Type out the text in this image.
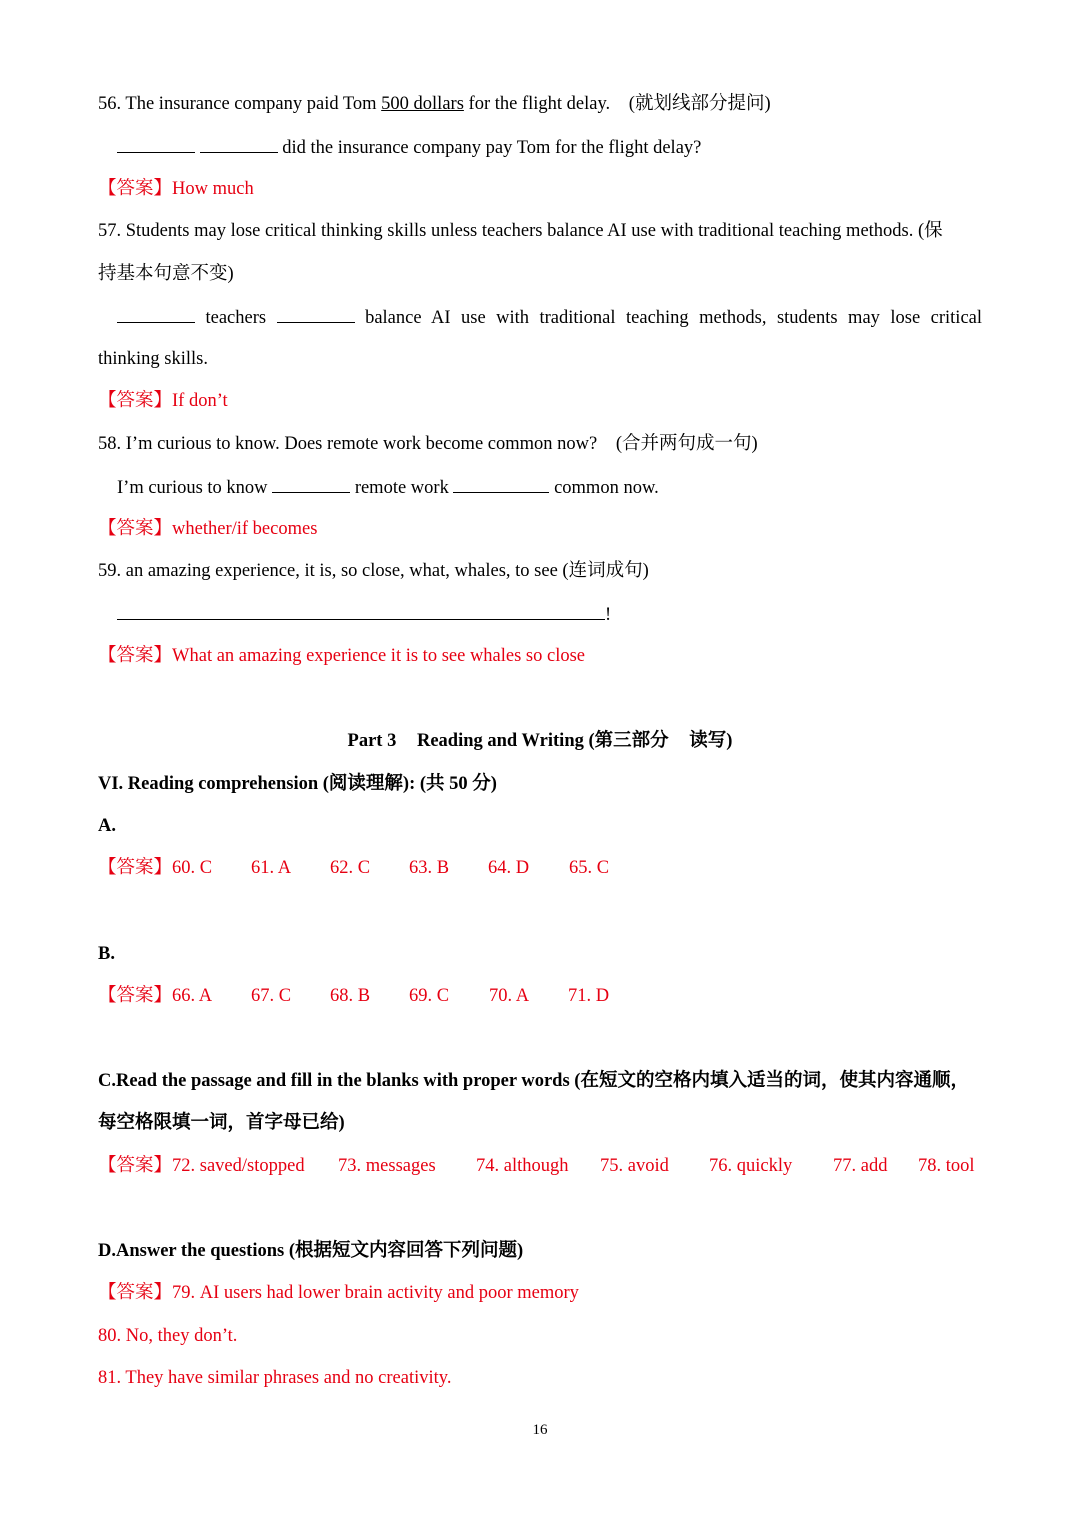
56. The insurance company paid Tom 500 dollars for the flight delay. (就划线部分提问)
did the insurance company pay Tom for the flight delay?
【答案】How much
57. Students may lose critical thinking skills unless teachers balance AI use with traditional teaching methods. (保
持基本句意不变)
teachers	balance AI use with traditional teaching methods, students may lose critical
thinking skills.
【答案】If don’t
58. I’m curious to know. Does remote work become common now? (合并两句成一句)
I’m curious to know	remote work	common now.
【答案】whether/if becomes
59. an amazing experience, it is, so close, what, whales, to see (连词成句)
!
【答案】What an amazing experience it is to see whales so close
Part 3 Reading and Writing (第三部分 读写)
VI. Reading comprehension (阅读理解): (共 50 分)
A.
【答案】60. C 61. A 62. C 63. B 64. D 65. C
B.
【答案】66. A 67. C 68. B 69. C 70. A 71. D
C.Read the passage and fill in the blanks with proper words (在短文的空格内填入适当的词，使其内容通顺，
每空格限填一词，首字母已给)
【答案】72. saved/stopped 73. messages 74. although 75. avoid 76. quickly 77. add 78. tool
D.Answer the questions (根据短文内容回答下列问题)
【答案】79. AI users had lower brain activity and poor memory
80. No, they don’t.
81. They have similar phrases and no creativity.
16
